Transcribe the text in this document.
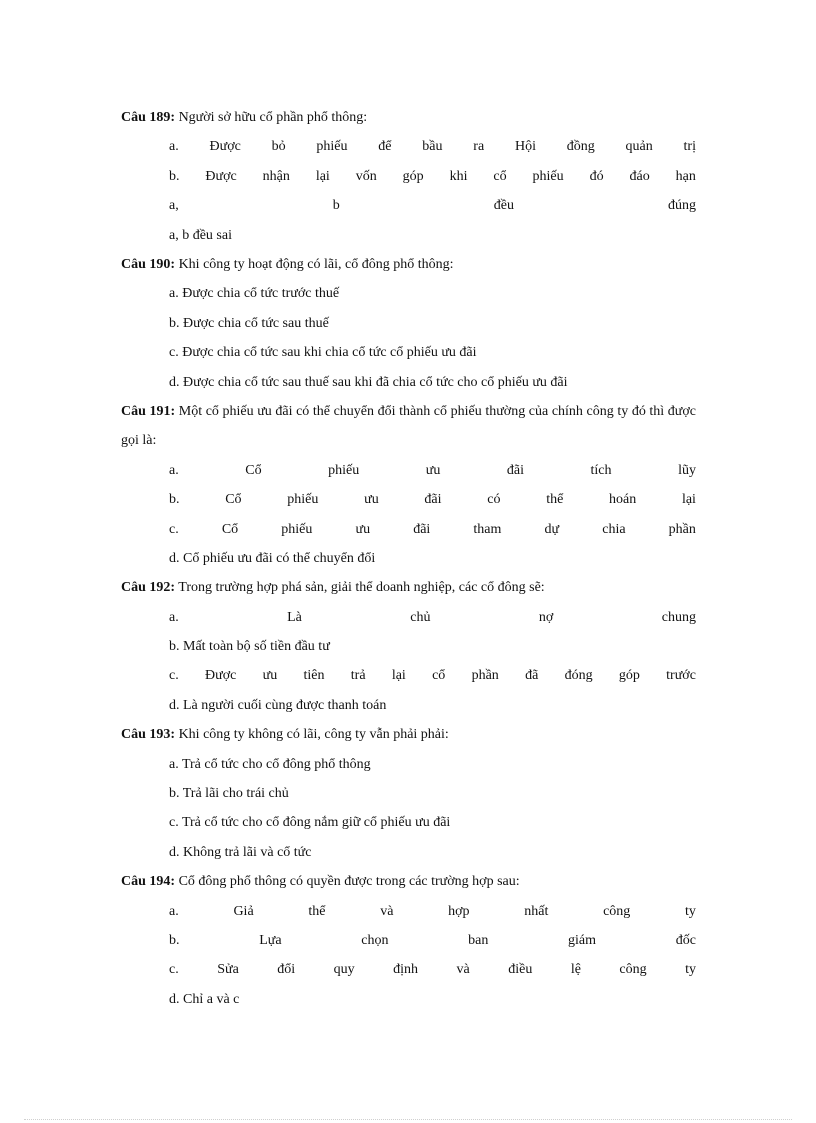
Câu 189: Người sở hữu cổ phần phổ thông:
a. Được bỏ phiếu để bầu ra Hội đồng quản trị
b. Được nhận lại vốn góp khi cổ phiếu đó đáo hạn
a,	b	đều	đúng
a, b đều sai
Câu 190: Khi công ty hoạt động có lãi, cổ đông phổ thông:
a. Được chia cổ tức trước thuế
b. Được chia cổ tức sau thuế
c. Được chia cổ tức sau khi chia cổ tức cổ phiếu ưu đãi
d. Được chia cổ tức sau thuế sau khi đã chia cổ tức cho cổ phiếu ưu đãi
Câu 191: Một cổ phiếu ưu đãi có thể chuyển đổi thành cổ phiếu thường của chính công ty đó thì được gọi là:
a.	Cổ	phiếu	ưu	đãi	tích	lũy
b.	Cổ	phiếu	ưu	đãi	có	thể	hoán	lại
c.	Cổ	phiếu	ưu	đãi	tham	dự	chia	phần
d. Cổ phiếu ưu đãi có thể chuyển đổi
Câu 192: Trong trường hợp phá sản, giải thể doanh nghiệp, các cổ đông sẽ:
a.	Là	chủ	nợ	chung
b. Mất toàn bộ số tiền đầu tư
c. Được ưu tiên trả lại cổ phần đã đóng góp trước
d. Là người cuối cùng được thanh toán
Câu 193: Khi công ty không có lãi, công ty vẫn phải phải:
a. Trả cổ tức cho cổ đông phổ thông
b. Trả lãi cho trái chủ
c. Trả cổ tức cho cổ đông nắm giữ cổ phiếu ưu đãi
d. Không trả lãi và cổ tức
Câu 194: Cổ đông phổ thông có quyền được trong các trường hợp sau:
a.	Giả	thể	và	hợp	nhất	công	ty
b.	Lựa	chọn	ban	giám	đốc
c.	Sửa	đổi	quy	định	và	điều	lệ	công	ty
d. Chỉ a và c
